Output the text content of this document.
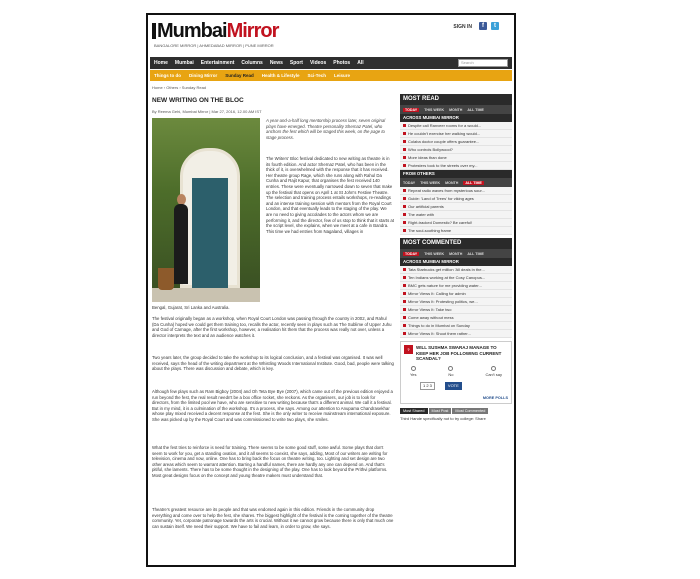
MumbaiMirror
BANGALORE MIRROR | AHMEDABAD MIRROR | PUNE MIRROR
SIGN IN	f	t
Home Mumbai Entertainment Columns News Sport Videos Photos All	Search
Things to do Dining Mirror Sunday Read Health & Lifestyle Sci-Tech Leisure
Home › Others › Sunday Read
NEW WRITING ON THE BLOC
By Reema Gehi, Mumbai Mirror | Mar 27, 2016, 12.00 AM IST
A year-and-a-half long mentorship process later, seven original plays have emerged. Theatre personality Shernaz Patel, who anchors the fest which will be staged this week, on the page to stage process.
The Writers' Bloc festival dedicated to new writing as theatre is in its fourth edition. And actor Shernaz Patel, who has been in the thick of it, is overwhelmed with the response that it has received. Her theatre group Rage, which she runs along with Rahul Da Cunha and Rajit Kapur, that organises the fest received 140 entries. These were eventually narrowed down to seven that make up the festival that opens on April 1 at St John's Festive Theatre. The selection and training process entails workshops, re-readings and an intense training session with mentors from the Royal Court London, and that eventually leads to the staging of the play. We are no need to giving accolades to the actors whom we are performing it, and the director, few of us stop to think that it starts at the script level, she explains, when we meet at a cafe in Bandra. This time we had entries from Nagaland, villages in
Bengal, Gujarat, Sri Lanka and Australia.
The festival originally began as a workshop, when Royal Court London was passing through the country in 2002, and Rahul (Da Cunha) hoped we could get them training too, recalls the actor, recently seen in plays such as The Sublime of Upper Juhu and God of Carnage, after the first workshop, however, a realisation hit them that the process was really not over, unless a director interprets the text and an audience watches it.
Two years later, the group decided to take the workshop to its logical conclusion, and a festival was organised. It was well received, says the head of the writing department at the Whistling Woods International Institute. Good, bad, people were talking about the plays. There was discussion and debate, which is key.
Although few plays such as Ram Bigboy (2004) and Oh Teta Bye Bye (2007), which came out of the previous edition enjoyed a run beyond the fest, the real result needn't be a box office rocket, she reckons. As the organisers, our job is to look for directors, from the limited pool we have, who are sensitive to new writing because that's a different animal. We call it a festival. But in my mind, it is a culmination of the workshop. It's a process, she says. Among our attention to Anupama Chandrasekhar whose play mixed received a decent response at the fest. She is the only writer to receive mainstream international exposure. She was picked up by the Royal Court and was commissioned to write two plays, she smiles.
What the fest tries to reinforce is need for training. There seems to be some good stuff, some awful. Some plays that don't seem to work for you, get a standing ovation, and it all seems to coexist, she says, adding, Most of our writers are writing for television, cinema and now, online. One has to bring back the focus on theatre writing, too. Lighting and set design are two other areas which seem to warrant attention. Barring a handful names, there are hardly any one can depend on. And that's pitiful, she laments. There has to be some thought in the designing of the play. One has to look beyond the Prithvi platforms. Most great designs focus on the concept and young theatre makers must understand that.
Theatre's greatest resource are its people and that was endorsed again in this edition. Friends in the community drop everything and come over to help the fest, she shares. The biggest highlight of the festival is the coming together of the theatre community. Yet, corporate patronage towards the arts is crucial. Without it we cannot grow because there is only that much one can sustain itself. We need their support. We have to fail and learn, in order to grow, she says.
MOST READ
TODAY	THIS WEEK MONTH ALL TIME
ACROSS MUMBAI MIRROR
Despite call Ranveer rooms for a would...
He couldn't exercise her walking would...
Colaba doctor couple offers guarantee...
Who controls Bollywood?
More ideas than done
Protesters took to the streets over my...
FROM OTHERS
TODAY THIS WEEK MONTH	ALL TIME
Repeat radio waves from mysterious sour...
Guide: 'Land of Trees' for viking ages
Our artificial parents
The water with
Right-tracked Domestic? Be careful!
The soul-soothing frame
MOST COMMENTED
TODAY	THIS WEEK MONTH ALL TIME
ACROSS MUMBAI MIRROR
Tata Starbucks get million 'All deals in the...
Ten Indians working at the Cosy Canopus...
BMC gets nature for me providing water...
Mirror Views It: Calling for admin
Mirror Views It: Protesting politics, we...
Mirror Views It: Take two
Come away without mess
Things to do in Mumbai on Sunday
Mirror Views It: Shoot them rather...
?	WILL SUSHMA SWARAJ MANAGE TO KEEP HER JOB FOLLOWING CURRENT SCANDAL?
Yes	No	Can't say
1 2 3	VOTE
MORE POLLS
Most Shared	Most Post	Most Commented
Third Hande specifically not to try college: Share
